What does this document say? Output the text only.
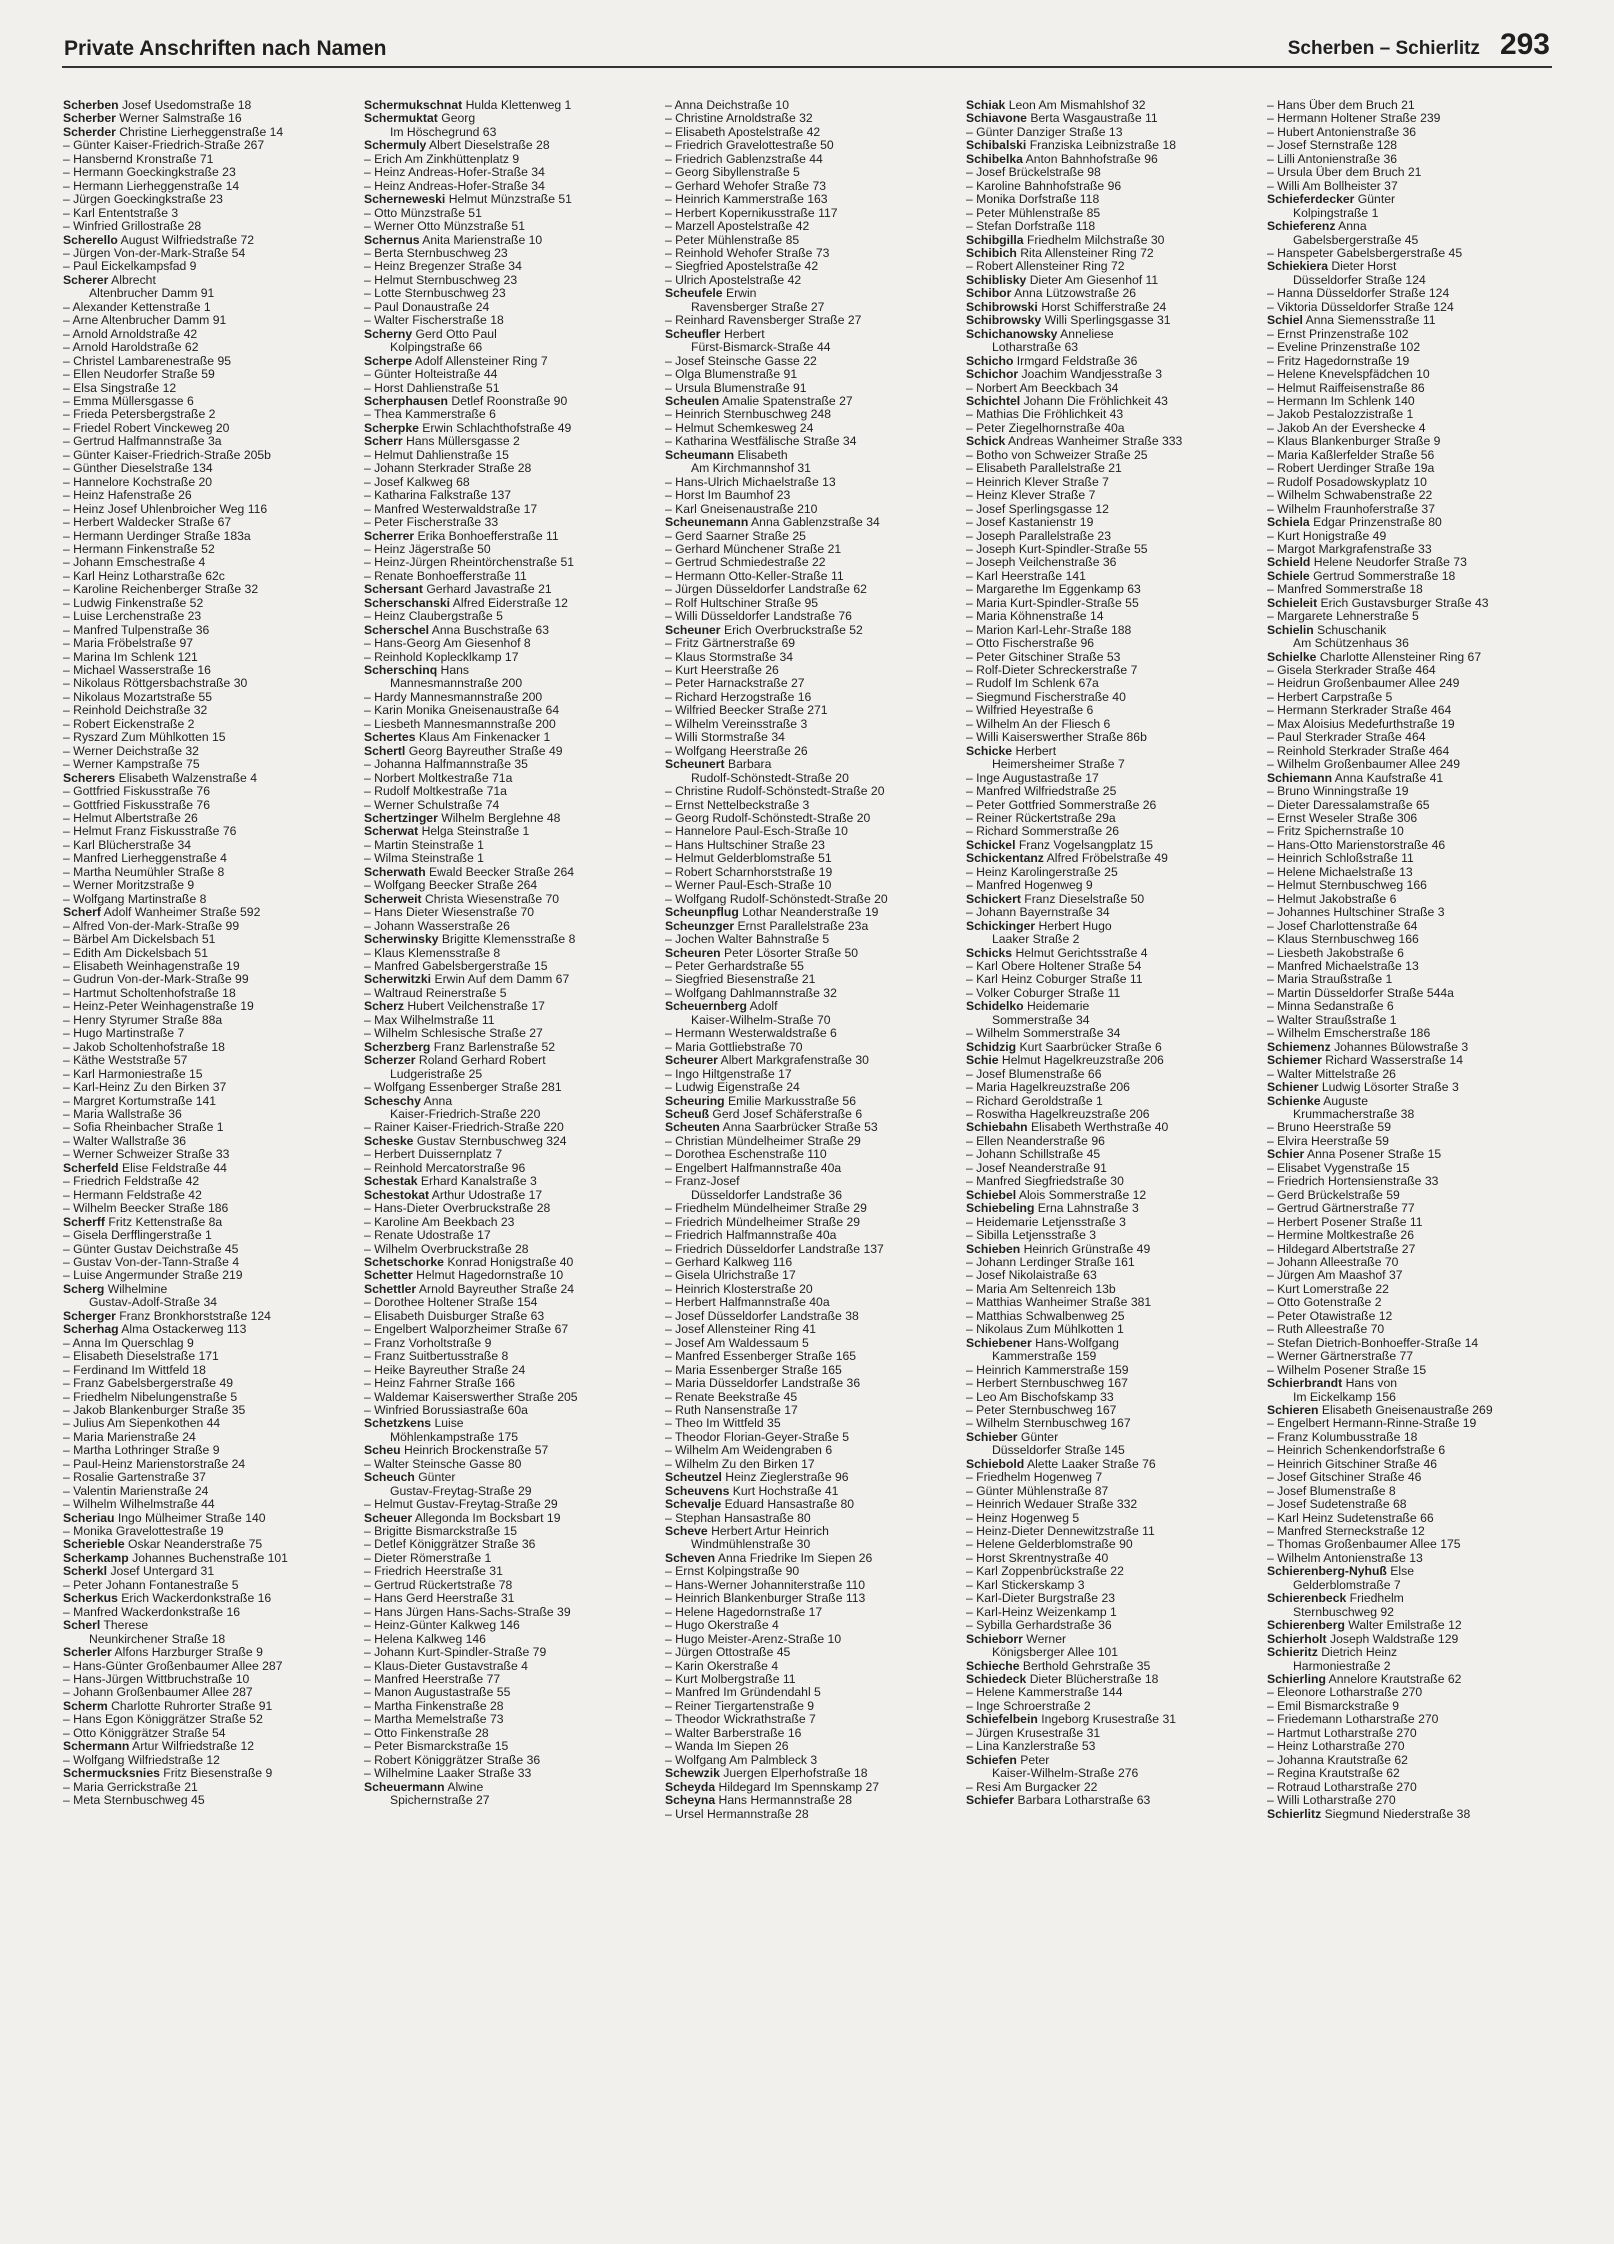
Private Anschriften nach Namen	Scherben – Schierlitz 293
Scherben Josef Usedomstraße 18
Scherber Werner Salmstraße 16
Scherder Christine Lierheggenstraße 14
– Günter Kaiser-Friedrich-Straße 267
– Hansbernd Kronstraße 71
– Hermann Goeckingkstraße 23
– Hermann Lierheggenstraße 14
– Jürgen Goeckingkstraße 23
– Karl Ententstraße 3
– Winfried Grillostraße 28
Scherello August Wilfriedstraße 72
– Jürgen Von-der-Mark-Straße 54
– Paul Eickelkampsfad 9
Scherer Albrecht
Altenbrucher Damm 91
– Alexander Kettenstraße 1
– Arne Altenbrucher Damm 91
– Arnold Arnoldstraße 42
– Arnold Haroldstraße 62
– Christel Lambarenestraße 95
– Ellen Neudorfer Straße 59
– Elsa Singstraße 12
– Emma Müllersgasse 6
– Frieda Petersbergstraße 2
– Friedel Robert Vinckeweg 20
– Gertrud Halfmannstraße 3a
– Günter Kaiser-Friedrich-Straße 205b
– Günther Dieselstraße 134
– Hannelore Kochstraße 20
– Heinz Hafenstraße 26
– Heinz Josef Uhlenbroicher Weg 116
– Herbert Waldecker Straße 67
– Hermann Uerdinger Straße 183a
– Hermann Finkenstraße 52
– Johann Emschestraße 4
– Karl Heinz Lotharstraße 62c
– Karoline Reichenberger Straße 32
– Ludwig Finkenstraße 52
– Luise Lerchenstraße 23
– Manfred Tulpenstraße 36
– Maria Fröbelstraße 97
– Marina Im Schlenk 121
– Michael Wasserstraße 16
– Nikolaus Röttgersbachstraße 30
– Nikolaus Mozartstraße 55
– Reinhold Deichstraße 32
– Robert Eickenstraße 2
– Ryszard Zum Mühlkotten 15
– Werner Deichstraße 32
– Werner Kampstraße 75
Scherers Elisabeth Walzenstraße 4
– Gottfried Fiskusstraße 76
– Gottfried Fiskusstraße 76
– Helmut Albertstraße 26
– Helmut Franz Fiskusstraße 76
– Karl Blücherstraße 34
– Manfred Lierheggenstraße 4
– Martha Neumühler Straße 8
– Werner Moritzstraße 9
– Wolfgang Martinstraße 8
Scherf Adolf Wanheimer Straße 592
– Alfred Von-der-Mark-Straße 99
– Bärbel Am Dickelsbach 51
– Edith Am Dickelsbach 51
– Elisabeth Weinhagenstraße 19
– Gudrun Von-der-Mark-Straße 99
– Hartmut Scholtenhofstraße 18
– Heinz-Peter Weinhagenstraße 19
– Henry Styrumer Straße 88a
– Hugo Martinstraße 7
– Jakob Scholtenhofstraße 18
– Käthe Weststraße 57
– Karl Harmoniestraße 15
– Karl-Heinz Zu den Birken 37
– Margret Kortumstraße 141
– Maria Wallstraße 36
– Sofia Rheinbacher Straße 1
– Walter Wallstraße 36
– Werner Schweizer Straße 33
Scherfeld Elise Feldstraße 44
– Friedrich Feldstraße 42
– Hermann Feldstraße 42
– Wilhelm Beecker Straße 186
Scherff Fritz Kettenstraße 8a
– Gisela Derfflingerstraße 1
– Günter Gustav Deichstraße 45
– Gustav Von-der-Tann-Straße 4
– Luise Angermunder Straße 219
Scherg Wilhelmine
Gustav-Adolf-Straße 34
Scherger Franz Bronkhorststraße 124
Scherhag Alma Ostackerweg 113
– Anna Im Querschlag 9
– Elisabeth Dieselstraße 171
– Ferdinand Im Wittfeld 18
– Franz Gabelsbergerstraße 49
– Friedhelm Nibelungenstraße 5
– Jakob Blankenburger Straße 35
– Julius Am Siepenkothen 44
– Maria Marienstraße 24
– Martha Lothringer Straße 9
– Paul-Heinz Marienstorstraße 24
– Rosalie Gartenstraße 37
– Valentin Marienstraße 24
– Wilhelm Wilhelmstraße 44
Scheriau Ingo Mülheimer Straße 140
– Monika Gravelottestraße 19
Scherieble Oskar Neanderstraße 75
Scherkamp Johannes Buchenstraße 101
Scherkl Josef Untergard 31
– Peter Johann Fontanestraße 5
Scherkus Erich Wackerdonkstraße 16
– Manfred Wackerdonkstraße 16
Scherl Therese
Neunkirchener Straße 18
Scherler Alfons Harzburger Straße 9
– Hans-Günter Großenbaumer Allee 287
– Hans-Jürgen Wittbruchstraße 10
– Johann Großenbaumer Allee 287
Scherm Charlotte Ruhrorter Straße 91
– Hans Egon Königgrätzer Straße 52
– Otto Königgrätzer Straße 54
Schermann Artur Wilfriedstraße 12
– Wolfgang Wilfriedstraße 12
Schermucksnies Fritz Biesenstraße 9
– Maria Gerrickstraße 21
– Meta Sternbuschweg 45
Schermukschnat Hulda Klettenweg 1
Schermuktat Georg
Im Höschegrund 63
Schermuly Albert Dieselstraße 28
– Erich Am Zinkhüttenplatz 9
– Heinz Andreas-Hofer-Straße 34
– Heinz Andreas-Hofer-Straße 34
Scherneweski Helmut Münzstraße 51
– Otto Münzstraße 51
– Werner Otto Münzstraße 51
Schernus Anita Marienstraße 10
– Berta Sternbuschweg 23
– Heinz Bregenzer Straße 34
– Helmut Sternbuschweg 23
– Lotte Sternbuschweg 23
– Paul Donaustraße 24
– Walter Fischerstraße 18
Scherny Gerd Otto Paul
Kolpingstraße 66
Scherpe Adolf Allensteiner Ring 7
– Günter Holteistraße 44
– Horst Dahlienstraße 51
Scherphausen Detlef Roonstraße 90
– Thea Kammerstraße 6
Scherpke Erwin Schlachthofstraße 49
Scherr Hans Müllersgasse 2
– Helmut Dahlienstraße 15
– Johann Sterkrader Straße 28
– Josef Kalkweg 68
– Katharina Falkstraße 137
– Manfred Westerwaldstraße 17
– Peter Fischerstraße 33
Scherrer Erika Bonhoefferstraße 11
– Heinz Jägerstraße 50
– Heinz-Jürgen Rheintörchenstraße 51
– Renate Bonhoefferstraße 11
Schersant Gerhard Javastraße 21
Scherschanski Alfred Eiderstraße 12
– Heinz Claubergstraße 5
Scherschel Anna Buschstraße 63
– Hans-Georg Am Giesenhof 8
– Reinhold Koplecklkamp 17
Scherschinq Hans
Mannesmannstraße 200
– Hardy Mannesmannstraße 200
– Karin Monika Gneisenaustraße 64
– Liesbeth Mannesmannstraße 200
Schertes Klaus Am Finkenacker 1
Schertl Georg Bayreuther Straße 49
– Johanna Halfmannstraße 35
– Norbert Moltkestraße 71a
– Rudolf Moltkestraße 71a
– Werner Schulstraße 74
Schertzinger Wilhelm Berglehne 48
Scherwat Helga Steinstraße 1
– Martin Steinstraße 1
– Wilma Steinstraße 1
Scherwath Ewald Beecker Straße 264
– Wolfgang Beecker Straße 264
Scherweit Christa Wiesenstraße 70
– Hans Dieter Wiesenstraße 70
– Johann Wasserstraße 26
Scherwinsky Brigitte Klemensstraße 8
– Klaus Klemensstraße 8
– Manfred Gabelsbergerstraße 15
Scherwitzki Erwin Auf dem Damm 67
– Waltraud Reinerstraße 5
Scherz Hubert Veilchenstraße 17
– Max Wilhelmstraße 11
– Wilhelm Schlesische Straße 27
Scherzberg Franz Barlenstraße 52
Scherzer Roland Gerhard Robert
Ludgeristraße 25
– Wolfgang Essenberger Straße 281
Scheschy Anna
Kaiser-Friedrich-Straße 220
– Rainer Kaiser-Friedrich-Straße 220
Scheske Gustav Sternbuschweg 324
– Herbert Duissernplatz 7
– Reinhold Mercatorstraße 96
Schestak Erhard Kanalstraße 3
Schestokat Arthur Udostraße 17
– Hans-Dieter Overbruckstraße 28
– Karoline Am Beekbach 23
– Renate Udostraße 17
– Wilhelm Overbruckstraße 28
Schetschorke Konrad Honigstraße 40
Schetter Helmut Hagedornstraße 10
Schettler Arnold Bayreuther Straße 24
– Dorothee Holtener Straße 154
– Elisabeth Duisburger Straße 63
– Engelbert Walporzheimer Straße 67
– Franz Vorholtstraße 9
– Franz Suitbertusstraße 8
– Heike Bayreuther Straße 24
– Heinz Fahrner Straße 166
– Waldemar Kaiserswerther Straße 205
– Winfried Borussiastraße 60a
Schetzkens Luise
Möhlenkampstraße 175
Scheu Heinrich Brockenstraße 57
– Walter Steinsche Gasse 80
Scheuch Günter
Gustav-Freytag-Straße 29
– Helmut Gustav-Freytag-Straße 29
Scheuer Allegonda Im Bocksbart 19
– Brigitte Bismarckstraße 15
– Detlef Königgrätzer Straße 36
– Dieter Römerstraße 1
– Friedrich Heerstraße 31
– Gertrud Rückertstraße 78
– Hans Gerd Heerstraße 31
– Hans Jürgen Hans-Sachs-Straße 39
– Heinz-Günter Kalkweg 146
– Helena Kalkweg 146
– Johann Kurt-Spindler-Straße 79
– Klaus-Dieter Gustavstraße 4
– Manfred Heerstraße 77
– Manon Augustastraße 55
– Martha Finkenstraße 28
– Martha Memelstraße 73
– Otto Finkenstraße 28
– Peter Bismarckstraße 15
– Robert Königgrätzer Straße 36
– Wilhelmine Laaker Straße 33
Scheuermann Alwine
Spichernstraße 27
– Anna Deichstraße 10
– Christine Arnoldstraße 32
– Elisabeth Apostelstraße 42
– Friedrich Gravelottestraße 50
– Friedrich Gablenzstraße 44
– Georg Sibyllenstraße 5
– Gerhard Wehofer Straße 73
– Heinrich Kammerstraße 163
– Herbert Kopernikusstraße 117
– Marzell Apostelstraße 42
– Peter Mühlenstraße 85
– Reinhold Wehofer Straße 73
– Siegfried Apostelstraße 42
– Ulrich Apostelstraße 42
Scheufele Erwin
Ravensberger Straße 27
– Reinhard Ravensberger Straße 27
Scheufler Herbert
Fürst-Bismarck-Straße 44
– Josef Steinsche Gasse 22
– Olga Blumenstraße 91
– Ursula Blumenstraße 91
Scheulen Amalie Spatenstraße 27
– Heinrich Sternbuschweg 248
– Helmut Schemkesweg 24
– Katharina Westfälische Straße 34
Scheumann Elisabeth
Am Kirchmannshof 31
– Hans-Ulrich Michaelstraße 13
– Horst Im Baumhof 23
– Karl Gneisenaustraße 210
Scheunemann Anna Gablenzstraße 34
– Gerd Saarner Straße 25
– Gerhard Münchener Straße 21
– Gertrud Schmiedestraße 22
– Hermann Otto-Keller-Straße 11
– Jürgen Düsseldorfer Landstraße 62
– Rolf Hultschiner Straße 95
– Willi Düsseldorfer Landstraße 76
Scheuner Erich Overbruckstraße 52
– Fritz Gärtnerstraße 69
– Klaus Stormstraße 34
– Kurt Heerstraße 26
– Peter Harnackstraße 27
– Richard Herzogstraße 16
– Wilfried Beecker Straße 271
– Wilhelm Vereinsstraße 3
– Willi Stormstraße 34
– Wolfgang Heerstraße 26
Scheunert Barbara
Rudolf-Schönstedt-Straße 20
– Christine Rudolf-Schönstedt-Straße 20
– Ernst Nettelbeckstraße 3
– Georg Rudolf-Schönstedt-Straße 20
– Hannelore Paul-Esch-Straße 10
– Hans Hultschiner Straße 23
– Helmut Gelderblomstraße 51
– Robert Scharnhorststraße 19
– Werner Paul-Esch-Straße 10
– Wolfgang Rudolf-Schönstedt-Straße 20
Scheunpflug Lothar Neanderstraße 19
Scheunzger Ernst Parallelstraße 23a
– Jochen Walter Bahnstraße 5
Scheuren Peter Lösorter Straße 50
– Peter Gerhardstraße 55
– Siegfried Biesenstraße 21
– Wolfgang Dahlmannstraße 32
Scheuernberg Adolf
Kaiser-Wilhelm-Straße 70
– Hermann Westerwaldstraße 6
– Maria Gottliebstraße 70
Scheurer Albert Markgrafenstraße 30
– Ingo Hiltgenstraße 17
– Ludwig Eigenstraße 24
Scheuring Emilie Markusstraße 56
Scheuß Gerd Josef Schäferstraße 6
Scheuten Anna Saarbrücker Straße 53
– Christian Mündelheimer Straße 29
– Dorothea Eschenstraße 110
– Engelbert Halfmannstraße 40a
– Franz-Josef
Düsseldorfer Landstraße 36
– Friedhelm Mündelheimer Straße 29
– Friedrich Mündelheimer Straße 29
– Friedrich Halfmannstraße 40a
– Friedrich Düsseldorfer Landstraße 137
– Gerhard Kalkweg 116
– Gisela Ulrichstraße 17
– Heinrich Klosterstraße 20
– Herbert Halfmannstraße 40a
– Josef Düsseldorfer Landstraße 38
– Josef Allensteiner Ring 41
– Josef Am Waldessaum 5
– Manfred Essenberger Straße 165
– Maria Essenberger Straße 165
– Maria Düsseldorfer Landstraße 36
– Renate Beekstraße 45
– Ruth Nansenstraße 17
– Theo Im Wittfeld 35
– Theodor Florian-Geyer-Straße 5
– Wilhelm Am Weidengraben 6
– Wilhelm Zu den Birken 17
Scheutzel Heinz Zieglerstraße 96
Scheuvens Kurt Hochstraße 41
Schevalje Eduard Hansastraße 80
– Stephan Hansastraße 80
Scheve Herbert Artur Heinrich
Windmühlenstraße 30
Scheven Anna Friedrike Im Siepen 26
– Ernst Kolpingstraße 90
– Hans-Werner Johanniterstraße 110
– Heinrich Blankenburger Straße 113
– Helene Hagedornstraße 17
– Hugo Okerstraße 4
– Hugo Meister-Arenz-Straße 10
– Jürgen Ottostraße 45
– Karin Okerstraße 4
– Kurt Molbergstraße 11
– Manfred Im Gründendahl 5
– Reiner Tiergartenstraße 9
– Theodor Wickrathstraße 7
– Walter Barberstraße 16
– Wanda Im Siepen 26
– Wolfgang Am Palmbleck 3
Schewzik Juergen Elperhofstraße 18
Scheyda Hildegard Im Spennskamp 27
Scheyna Hans Hermannstraße 28
– Ursel Hermannstraße 28
Schiak Leon Am Mismahlshof 32
Schiavone Berta Wasgaustraße 11
– Günter Danziger Straße 13
Schibalski Franziska Leibnizstraße 18
Schibelka Anton Bahnhofstraße 96
– Josef Brückelstraße 98
– Karoline Bahnhofstraße 96
– Monika Dorfstraße 118
– Peter Mühlenstraße 85
– Stefan Dorfstraße 118
Schibgilla Friedhelm Milchstraße 30
Schibich Rita Allensteiner Ring 72
– Robert Allensteiner Ring 72
Schiblisky Dieter Am Giesenhof 11
Schibor Anna Lützowstraße 26
Schibrowski Horst Schifferstraße 24
Schibrowsky Willi Sperlingsgasse 31
Schichanowsky Anneliese
Lotharstraße 63
Schicho Irmgard Feldstraße 36
Schichor Joachim Wandjesstraße 3
– Norbert Am Beeckbach 34
Schichtel Johann Die Fröhlichkeit 43
– Mathias Die Fröhlichkeit 43
– Peter Ziegelhornstraße 40a
Schick Andreas Wanheimer Straße 333
– Botho von Schweizer Straße 25
– Elisabeth Parallelstraße 21
– Heinrich Klever Straße 7
– Heinz Klever Straße 7
– Josef Sperlingsgasse 12
– Josef Kastanienstr 19
– Joseph Parallelstraße 23
– Joseph Kurt-Spindler-Straße 55
– Joseph Veilchenstraße 36
– Karl Heerstraße 141
– Margarethe Im Eggenkamp 63
– Maria Kurt-Spindler-Straße 55
– Maria Köhnenstraße 14
– Marion Karl-Lehr-Straße 188
– Otto Fischerstraße 96
– Peter Gitschiner Straße 53
– Rolf-Dieter Schreckerstraße 7
– Rudolf Im Schlenk 67a
– Siegmund Fischerstraße 40
– Wilfried Heyestraße 6
– Wilhelm An der Fliesch 6
– Willi Kaiserswerther Straße 86b
Schicke Herbert
Heimersheimer Straße 7
– Inge Augustastraße 17
– Manfred Wilfriedstraße 25
– Peter Gottfried Sommerstraße 26
– Reiner Rückertstraße 29a
– Richard Sommerstraße 26
Schickel Franz Vogelsangplatz 15
Schickentanz Alfred Fröbelstraße 49
– Heinz Karolingerstraße 25
– Manfred Hogenweg 9
Schickert Franz Dieselstraße 50
– Johann Bayernstraße 34
Schickinger Herbert Hugo
Laaker Straße 2
Schicks Helmut Gerichtsstraße 4
– Karl Obere Holtener Straße 54
– Karl Heinz Coburger Straße 11
– Volker Coburger Straße 11
Schidelko Heidemarie
Sommerstraße 34
– Wilhelm Sommerstraße 34
Schidzig Kurt Saarbrücker Straße 6
Schie Helmut Hagelkreuzstraße 206
– Josef Blumenstraße 66
– Maria Hagelkreuzstraße 206
– Richard Geroldstraße 1
– Roswitha Hagelkreuzstraße 206
Schiebahn Elisabeth Werthstraße 40
– Ellen Neanderstraße 96
– Johann Schillstraße 45
– Josef Neanderstraße 91
– Manfred Siegfriedstraße 30
Schiebel Alois Sommerstraße 12
Schiebeling Erna Lahnstraße 3
– Heidemarie Letjensstraße 3
– Sibilla Letjensstraße 3
Schieben Heinrich Grünstraße 49
– Johann Lerdinger Straße 161
– Josef Nikolaistraße 63
– Maria Am Seltenreich 13b
– Matthias Wanheimer Straße 381
– Matthias Schwalbenweg 25
– Nikolaus Zum Mühlkotten 1
Schiebener Hans-Wolfgang
Kammerstraße 159
– Heinrich Kammerstraße 159
– Herbert Sternbuschweg 167
– Leo Am Bischofskamp 33
– Peter Sternbuschweg 167
– Wilhelm Sternbuschweg 167
Schieber Günter
Düsseldorfer Straße 145
Schiebold Alette Laaker Straße 76
– Friedhelm Hogenweg 7
– Günter Mühlenstraße 87
– Heinrich Wedauer Straße 332
– Heinz Hogenweg 5
– Heinz-Dieter Dennewitzstraße 11
– Helene Gelderblomstraße 90
– Horst Skrentnystraße 40
– Karl Zoppenbrückstraße 22
– Karl Stickerskamp 3
– Karl-Dieter Burgstraße 23
– Karl-Heinz Weizenkamp 1
– Sybilla Gerhardstraße 36
Schieborr Werner
Königsberger Allee 101
Schieche Berthold Gehrstraße 35
Schiedeck Dieter Blücherstraße 18
– Helene Kammerstraße 144
– Inge Schroerstraße 2
Schiefelbein Ingeborg Krusestraße 31
– Jürgen Krusestraße 31
– Lina Kanzlerstraße 53
Schiefen Peter
Kaiser-Wilhelm-Straße 276
– Resi Am Burgacker 22
Schiefer Barbara Lotharstraße 63
– Hans Über dem Bruch 21
– Hermann Holtener Straße 239
– Hubert Antonienstraße 36
– Josef Sternstraße 128
– Lilli Antonienstraße 36
– Ursula Über dem Bruch 21
– Willi Am Bollheister 37
Schieferdecker Günter
Kolpingstraße 1
Schieferenz Anna
Gabelsbergerstraße 45
– Hanspeter Gabelsbergerstraße 45
Schiekiera Dieter Horst
Düsseldorfer Straße 124
– Hanna Düsseldorfer Straße 124
– Viktoria Düsseldorfer Straße 124
Schiel Anna Siemensstraße 11
– Ernst Prinzenstraße 102
– Eveline Prinzenstraße 102
– Fritz Hagedornstraße 19
– Helene Knevelspfädchen 10
– Helmut Raiffeisenstraße 86
– Hermann Im Schlenk 140
– Jakob Pestalozzistraße 1
– Jakob An der Evershecke 4
– Klaus Blankenburger Straße 9
– Maria Kaßlerfelder Straße 56
– Robert Uerdinger Straße 19a
– Rudolf Posadowskyplatz 10
– Wilhelm Schwabenstraße 22
– Wilhelm Fraunhoferstraße 37
Schiela Edgar Prinzenstraße 80
– Kurt Honigstraße 49
– Margot Markgrafenstraße 33
Schield Helene Neudorfer Straße 73
Schiele Gertrud Sommerstraße 18
– Manfred Sommerstraße 18
Schieleit Erich Gustavsburger Straße 43
– Margarete Lehnerstraße 5
Schielin Schuschanik
Am Schützenhaus 36
Schielke Charlotte Allensteiner Ring 67
– Gisela Sterkrader Straße 464
– Heidrun Großenbaumer Allee 249
– Herbert Carpstraße 5
– Hermann Sterkrader Straße 464
– Max Aloisius Medefurthstraße 19
– Paul Sterkrader Straße 464
– Reinhold Sterkrader Straße 464
– Wilhelm Großenbaumer Allee 249
Schiemann Anna Kaufstraße 41
– Bruno Winningstraße 19
– Dieter Daressalamstraße 65
– Ernst Weseler Straße 306
– Fritz Spichernstraße 10
– Hans-Otto Marienstorstraße 46
– Heinrich Schloßstraße 11
– Helene Michaelstraße 13
– Helmut Sternbuschweg 166
– Helmut Jakobstraße 6
– Johannes Hultschiner Straße 3
– Josef Charlottenstraße 64
– Klaus Sternbuschweg 166
– Liesbeth Jakobstraße 6
– Manfred Michaelstraße 13
– Maria Straußstraße 1
– Martin Düsseldorfer Straße 544a
– Minna Sedanstraße 6
– Walter Straußstraße 1
– Wilhelm Emscherstraße 186
Schiemenz Johannes Bülowstraße 3
Schiemer Richard Wasserstraße 14
– Walter Mittelstraße 26
Schiener Ludwig Lösorter Straße 3
Schienke Auguste
Krummacherstraße 38
– Bruno Heerstraße 59
– Elvira Heerstraße 59
Schier Anna Posener Straße 15
– Elisabet Vygenstraße 15
– Friedrich Hortensienstraße 33
– Gerd Brückelstraße 59
– Gertrud Gärtnerstraße 77
– Herbert Posener Straße 11
– Hermine Moltkestraße 26
– Hildegard Albertstraße 27
– Johann Alleestraße 70
– Jürgen Am Maashof 37
– Kurt Lomerstraße 22
– Otto Gotenstraße 2
– Peter Otawistraße 12
– Ruth Alleestraße 70
– Stefan Dietrich-Bonhoeffer-Straße 14
– Werner Gärtnerstraße 77
– Wilhelm Posener Straße 15
Schierbrandt Hans von
Im Eickelkamp 156
Schieren Elisabeth Gneisenaustraße 269
– Engelbert Hermann-Rinne-Straße 19
– Franz Kolumbusstraße 18
– Heinrich Schenkendorfstraße 6
– Heinrich Gitschiner Straße 46
– Josef Gitschiner Straße 46
– Josef Blumenstraße 8
– Josef Sudetenstraße 68
– Karl Heinz Sudetenstraße 66
– Manfred Sterneckstraße 12
– Thomas Großenbaumer Allee 175
– Wilhelm Antonienstraße 13
Schierenberg-Nyhuß Else
Gelderblomstraße 7
Schierenbeck Friedhelm
Sternbuschweg 92
Schierenberg Walter Emilstraße 12
Schierholt Joseph Waldstraße 129
Schieritz Dietrich Heinz
Harmoniestraße 2
Schierling Annelore Krautstraße 62
– Eleonore Lotharstraße 270
– Emil Bismarckstraße 9
– Friedemann Lotharstraße 270
– Hartmut Lotharstraße 270
– Heinz Lotharstraße 270
– Johanna Krautstraße 62
– Regina Krautstraße 62
– Rotraud Lotharstraße 270
– Willi Lotharstraße 270
Schierlitz Siegmund Niederstraße 38
